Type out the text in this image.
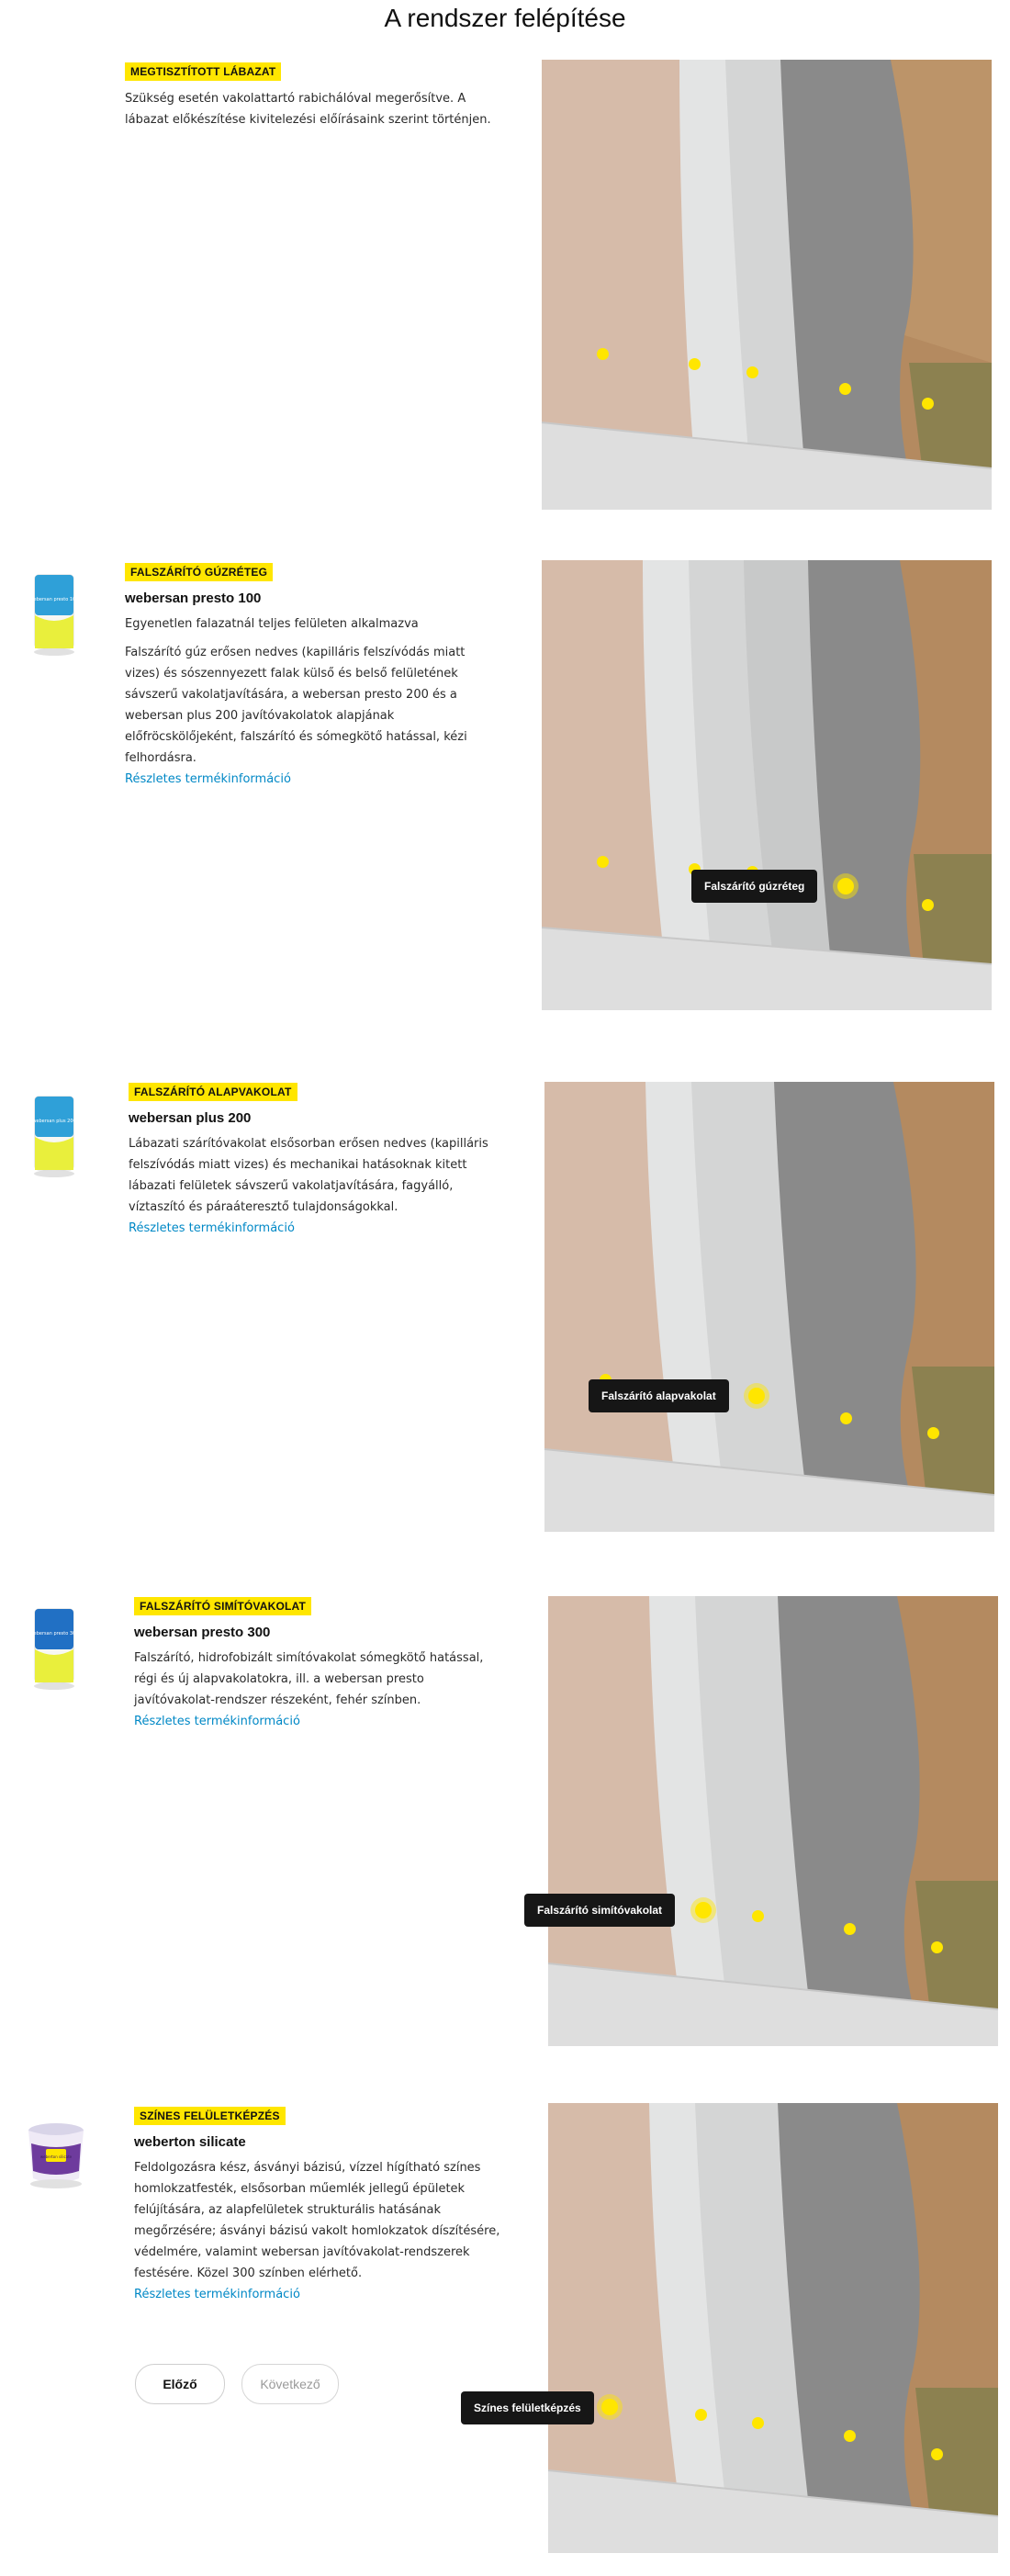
A rendszer felépítése
MEGTISZTÍTOTT LÁBAZAT
Szükség esetén vakolattartó rabichálóval megerősítve. A lábazat előkészítése kivitelezési előírásaink szerint történjen.
webersan presto 100
FALSZÁRÍTÓ GÚZRÉTEG
webersan presto 100
Egyenetlen falazatnál teljes felületen alkalmazva
Falszárító gúz erősen nedves (kapilláris felszívódás miatt vizes) és sószennyezett falak külső és belső felületének sávszerű vakolatjavítására, a webersan presto 200 és a webersan plus 200 javítóvakolatok alapjának előfröcskölőjeként, falszárító és sómegkötő hatással, kézi felhordásra.
Részletes termékinformáció
Falszárító gúzréteg
webersan plus 200
FALSZÁRÍTÓ ALAPVAKOLAT
webersan plus 200
Lábazati szárítóvakolat elsősorban erősen nedves (kapilláris felszívódás miatt vizes) és mechanikai hatásoknak kitett lábazati felületek sávszerű vakolatjavítására, fagyálló, víztaszító és páraáteresztő tulajdonságokkal.
Részletes termékinformáció
Falszárító alapvakolat
webersan presto 300
FALSZÁRÍTÓ SIMÍTÓVAKOLAT
webersan presto 300
Falszárító, hidrofobizált simítóvakolat sómegkötő hatással, régi és új alapvakolatokra, ill. a webersan presto javítóvakolat-rendszer részeként, fehér színben.
Részletes termékinformáció
Falszárító simítóvakolat
weberton silicate
SZÍNES FELÜLETKÉPZÉS
weberton silicate
Feldolgozásra kész, ásványi bázisú, vízzel hígítható színes homlokzatfesték, elsősorban műemlék jellegű épületek felújítására, az alapfelületek strukturális hatásának megőrzésére; ásványi bázisú vakolt homlokzatok díszítésére, védelmére, valamint webersan javítóvakolat-rendszerek festésére. Közel 300 színben elérhető.
Részletes termékinformáció
Előző	Következő
Színes felületképzés
